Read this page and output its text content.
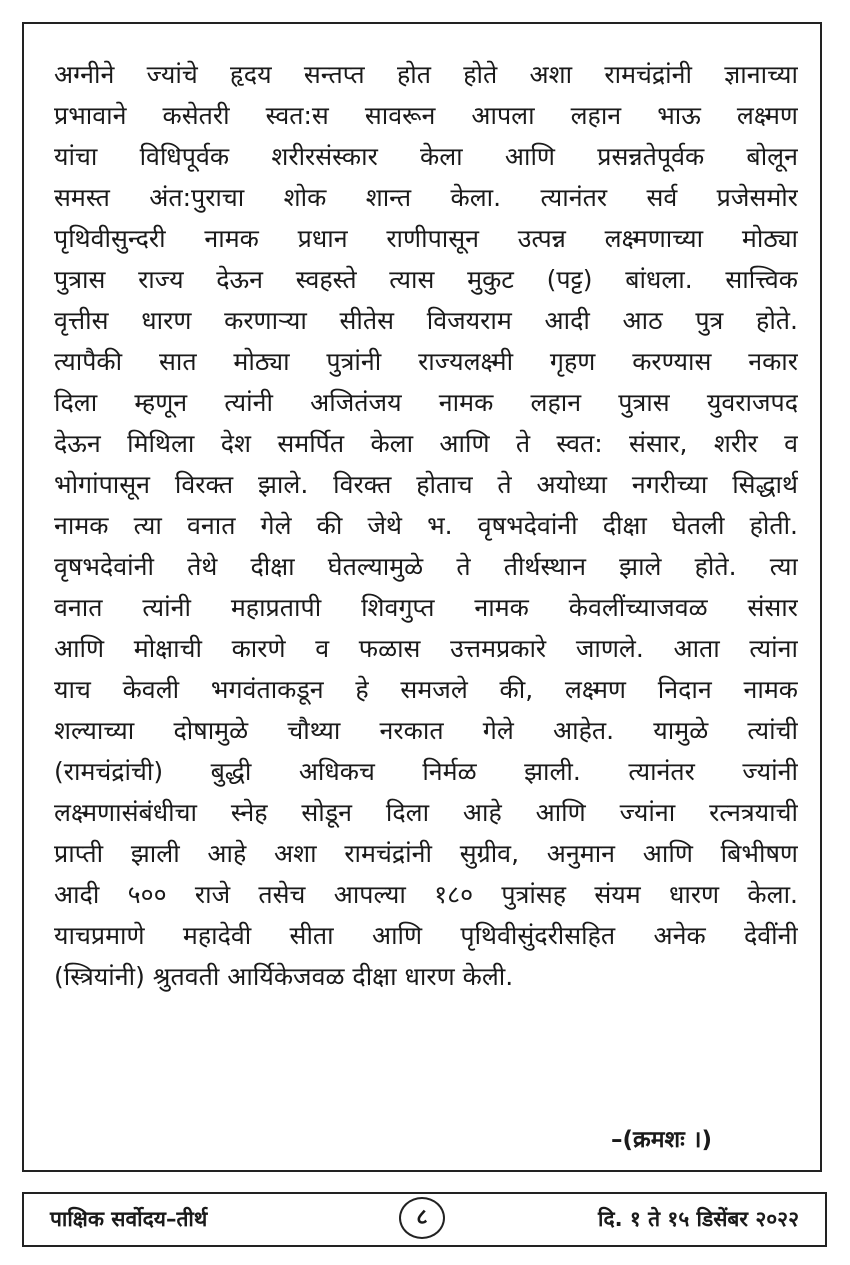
अग्नीने ज्यांचे हृदय सन्तप्त होत होते अशा रामचंद्रांनी ज्ञानाच्या
प्रभावाने कसेतरी स्वत:स सावरून आपला लहान भाऊ लक्ष्मण
यांचा विधिपूर्वक शरीरसंस्कार केला आणि प्रसन्नतेपूर्वक बोलून
समस्त अंत:पुराचा शोक शान्त केला. त्यानंतर सर्व प्रजेसमोर
पृथिवीसुन्दरी नामक प्रधान राणीपासून उत्पन्न लक्ष्मणाच्या मोठ्या
पुत्रास राज्य देऊन स्वहस्ते त्यास मुकुट (पट्ट) बांधला. सात्त्विक
वृत्तीस धारण करणाऱ्या सीतेस विजयराम आदी आठ पुत्र होते.
त्यापैकी सात मोठ्या पुत्रांनी राज्यलक्ष्मी गृहण करण्यास नकार
दिला म्हणून त्यांनी अजितंजय नामक लहान पुत्रास युवराजपद
देऊन मिथिला देश समर्पित केला आणि ते स्वत: संसार, शरीर व
भोगांपासून विरक्त झाले. विरक्त होताच ते अयोध्या नगरीच्या सिद्धार्थ
नामक त्या वनात गेले की जेथे भ. वृषभदेवांनी दीक्षा घेतली होती.
वृषभदेवांनी तेथे दीक्षा घेतल्यामुळे ते तीर्थस्थान झाले होते. त्या
वनात त्यांनी महाप्रतापी शिवगुप्त नामक केवलींच्याजवळ संसार
आणि मोक्षाची कारणे व फळास उत्तमप्रकारे जाणले. आता त्यांना
याच केवली भगवंताकडून हे समजले की, लक्ष्मण निदान नामक
शल्याच्या दोषामुळे चौथ्या नरकात गेले आहेत. यामुळे त्यांची
(रामचंद्रांची) बुद्धी अधिकच निर्मळ झाली. त्यानंतर ज्यांनी
लक्ष्मणासंबंधीचा स्नेह सोडून दिला आहे आणि ज्यांना रत्नत्रयाची
प्राप्ती झाली आहे अशा रामचंद्रांनी सुग्रीव, अनुमान आणि बिभीषण
आदी ५०० राजे तसेच आपल्या १८० पुत्रांसह संयम धारण केला.
याचप्रमाणे महादेवी सीता आणि पृथिवीसुंदरीसहित अनेक देवींनी
(स्त्रियांनी) श्रुतवती आर्यिकेजवळ दीक्षा धारण केली.
–(क्रमशः ।)
पाक्षिक सर्वोदय–तीर्थ	८	दि. १ ते १५ डिसेंबर २०२२
